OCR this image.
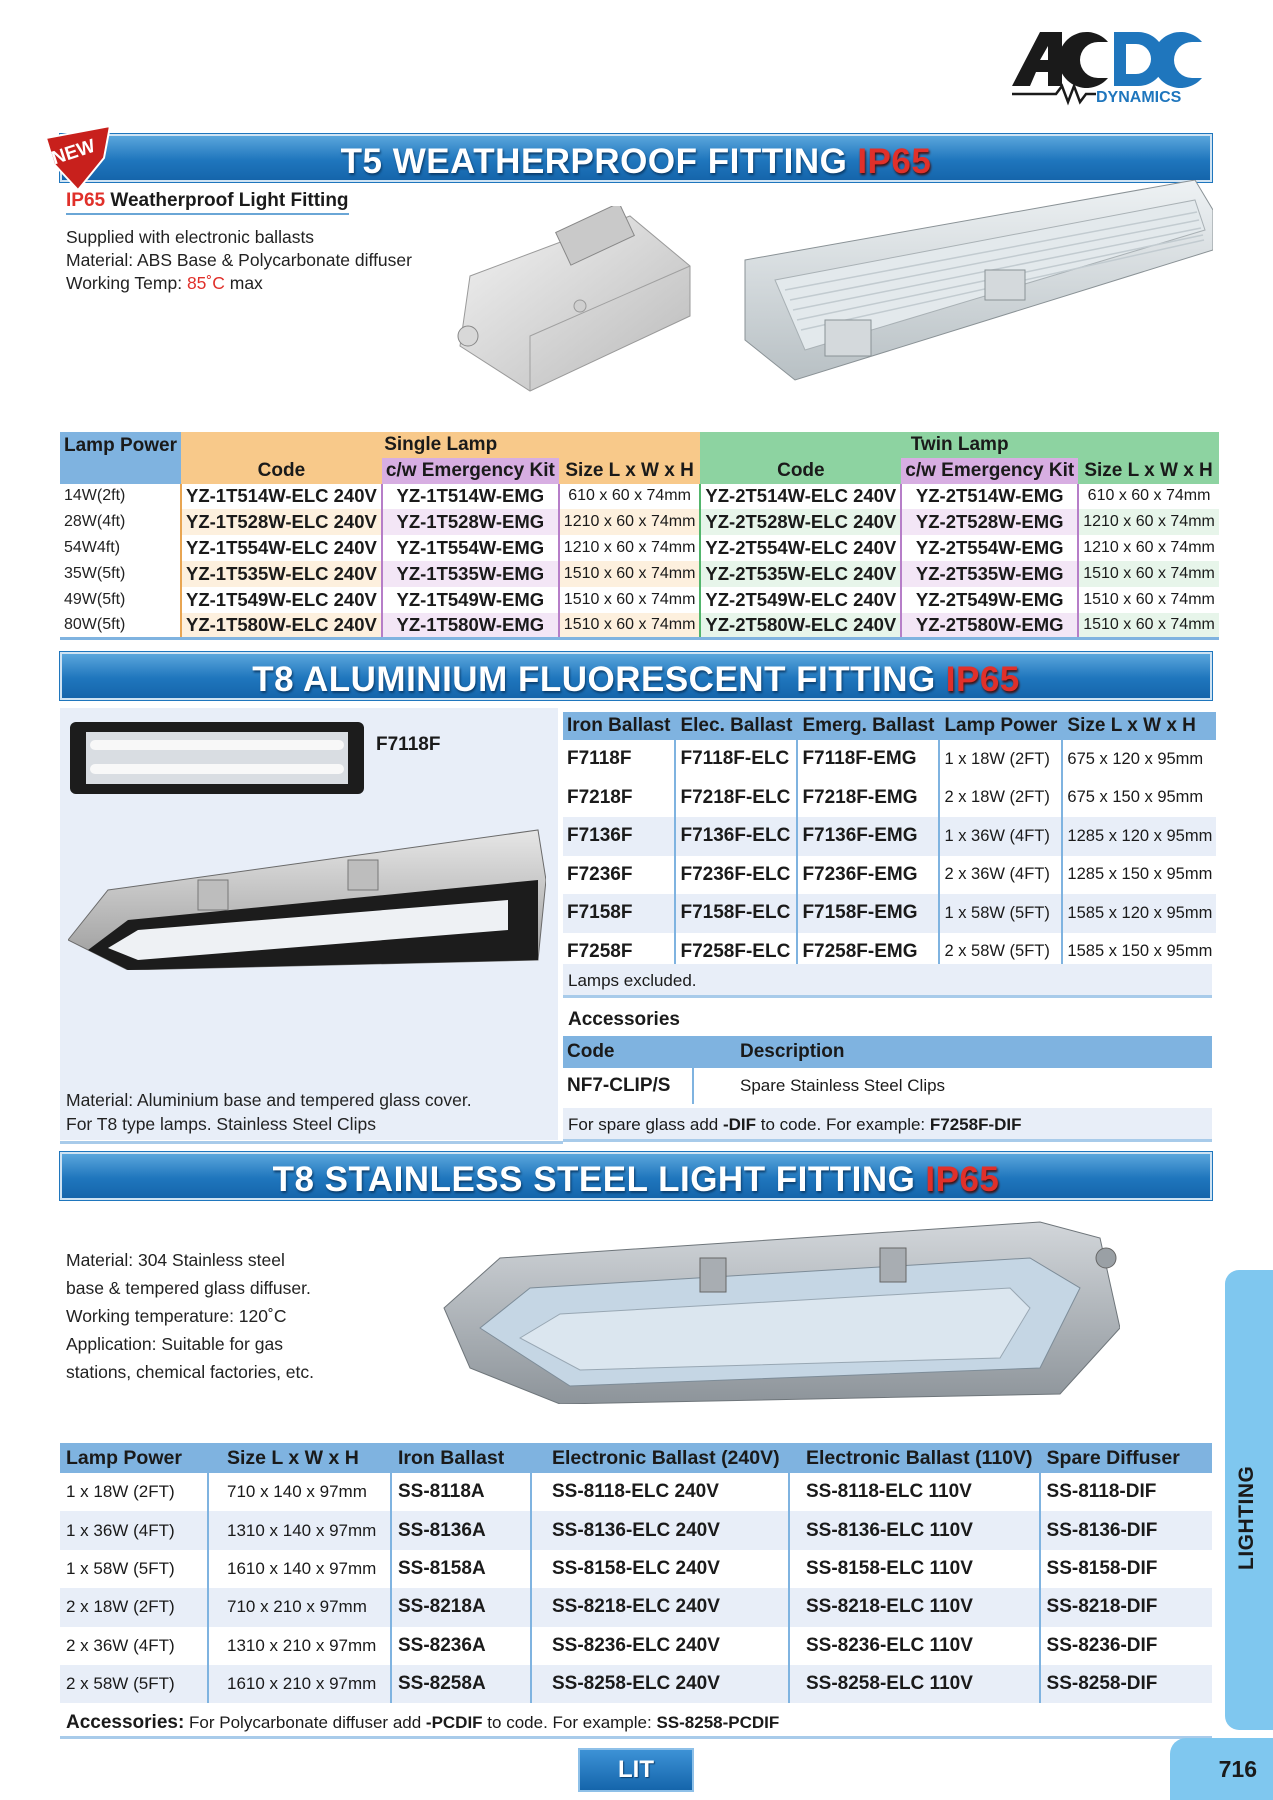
DYNAMICS
T5 WEATHERPROOF FITTING IP65
NEW
IP65 Weatherproof Light Fitting
Supplied with electronic ballasts
Material: ABS Base & Polycarbonate diffuser
Working Temp: 85˚C max
Lamp Power	Single Lamp			Twin Lamp		
	Code	c/w Emergency Kit	Size L x W x H	Code	c/w Emergency Kit	Size L x W x H
14W(2ft)	YZ-1T514W-ELC 240V	YZ-1T514W-EMG	610 x 60 x 74mm	YZ-2T514W-ELC 240V	YZ-2T514W-EMG	610 x 60 x 74mm
28W(4ft)	YZ-1T528W-ELC 240V	YZ-1T528W-EMG	1210 x 60 x 74mm	YZ-2T528W-ELC 240V	YZ-2T528W-EMG	1210 x 60 x 74mm
54W4ft)	YZ-1T554W-ELC 240V	YZ-1T554W-EMG	1210 x 60 x 74mm	YZ-2T554W-ELC 240V	YZ-2T554W-EMG	1210 x 60 x 74mm
35W(5ft)	YZ-1T535W-ELC 240V	YZ-1T535W-EMG	1510 x 60 x 74mm	YZ-2T535W-ELC 240V	YZ-2T535W-EMG	1510 x 60 x 74mm
49W(5ft)	YZ-1T549W-ELC 240V	YZ-1T549W-EMG	1510 x 60 x 74mm	YZ-2T549W-ELC 240V	YZ-2T549W-EMG	1510 x 60 x 74mm
80W(5ft)	YZ-1T580W-ELC 240V	YZ-1T580W-EMG	1510 x 60 x 74mm	YZ-2T580W-ELC 240V	YZ-2T580W-EMG	1510 x 60 x 74mm
T8 ALUMINIUM FLUORESCENT FITTING IP65
F7118F
Material: Aluminium base and tempered glass cover.
For T8 type lamps. Stainless Steel Clips
Iron Ballast	Elec. Ballast	Emerg. Ballast	Lamp Power	Size L x W x H
F7118F	F7118F-ELC	F7118F-EMG	1 x 18W (2FT)	675 x 120 x 95mm
F7218F	F7218F-ELC	F7218F-EMG	2 x 18W (2FT)	675 x 150 x 95mm
F7136F	F7136F-ELC	F7136F-EMG	1 x 36W (4FT)	1285 x 120 x 95mm
F7236F	F7236F-ELC	F7236F-EMG	2 x 36W (4FT)	1285 x 150 x 95mm
F7158F	F7158F-ELC	F7158F-EMG	1 x 58W (5FT)	1585 x 120 x 95mm
F7258F	F7258F-ELC	F7258F-EMG	2 x 58W (5FT)	1585 x 150 x 95mm
Lamps excluded.
Accessories
Code	Description
NF7-CLIP/S	Spare Stainless Steel Clips
For spare glass add -DIF to code. For example: F7258F-DIF
T8 STAINLESS STEEL LIGHT FITTING IP65
Material: 304 Stainless steel
base & tempered glass diffuser.
Working temperature: 120˚C
Application: Suitable for gas
stations, chemical factories, etc.
Lamp Power	Size L x W x H	Iron Ballast	Electronic Ballast (240V)	Electronic Ballast (110V)	Spare Diffuser
1 x 18W (2FT)	710 x 140 x 97mm	SS-8118A	SS-8118-ELC 240V	SS-8118-ELC 110V	SS-8118-DIF
1 x 36W (4FT)	1310 x 140 x 97mm	SS-8136A	SS-8136-ELC 240V	SS-8136-ELC 110V	SS-8136-DIF
1 x 58W (5FT)	1610 x 140 x 97mm	SS-8158A	SS-8158-ELC 240V	SS-8158-ELC 110V	SS-8158-DIF
2 x 18W (2FT)	710 x 210 x 97mm	SS-8218A	SS-8218-ELC 240V	SS-8218-ELC 110V	SS-8218-DIF
2 x 36W (4FT)	1310 x 210 x 97mm	SS-8236A	SS-8236-ELC 240V	SS-8236-ELC 110V	SS-8236-DIF
2 x 58W (5FT)	1610 x 210 x 97mm	SS-8258A	SS-8258-ELC 240V	SS-8258-ELC 110V	SS-8258-DIF
Accessories: For Polycarbonate diffuser add -PCDIF to code. For example: SS-8258-PCDIF
LIGHTING
716
LIT
